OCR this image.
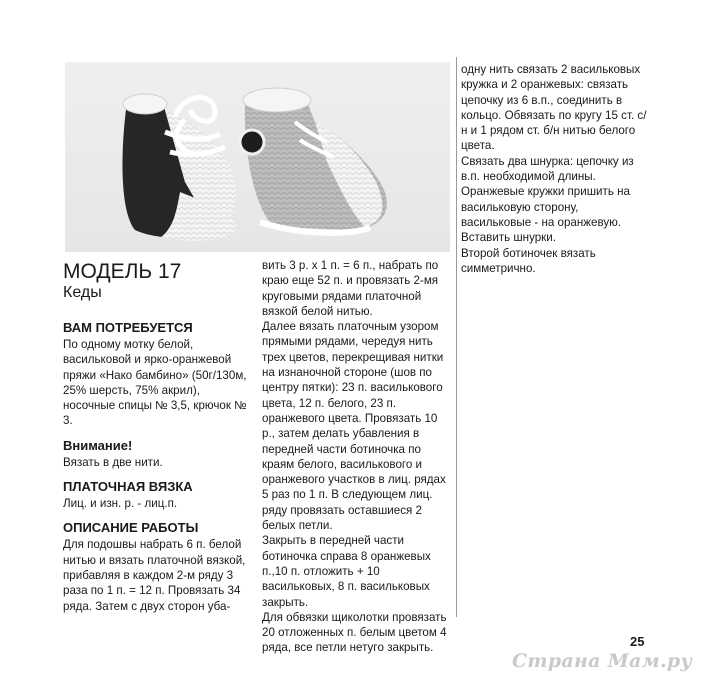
МОДЕЛЬ 17
Кеды
ВАМ ПОТРЕБУЕТСЯ

По одному мотку белой, васильковой и ярко-оранжевой пряжи «Нако бамбино» (50г/130м, 25% шерсть, 75% акрил), носочные спицы № 3,5, крючок № 3.

Внимание!

Вязать в две нити.

ПЛАТОЧНАЯ ВЯЗКА

Лиц. и изн. р. - лиц.п.

ОПИСАНИЕ РАБОТЫ

Для подошвы набрать 6 п. белой нитью и вязать платочной вязкой, прибавляя в каждом 2-м ряду 3 раза по 1 п. = 12 п. Провязать 34 ряда. Затем с двух сторон уба-

вить 3 р. x 1 п. = 6 п., набрать по краю еще 52 п. и провязать 2-мя круговыми рядами платочной вязкой белой нитью.

Далее вязать платочным узором прямыми рядами, чередуя нить трех цветов, перекрещивая нитки на изнаночной стороне (шов по центру пятки): 23 п. василькового цвета, 12 п. белого, 23 п. оранжевого цвета. Провязать 10 р., затем делать убавления в передней части ботиночка по краям белого, василькового и оранжевого участков в лиц. рядах 5 раз по 1 п. В следующем лиц. ряду провязать оставшиеся 2 белых петли.

Закрыть в передней части ботиночка справа 8 оранжевых п.,10 п. отложить + 10 васильковых, 8 п. васильковых закрыть.

Для обвязки щиколотки провязать 20 отложенных п. белым цветом 4 ряда, все петли нетугo закрыть.

одну нить связать 2 васильковых кружка и 2 оранжевых: связать цепочку из 6 в.п., соединить в кольцо. Обвязать по кругу 15 ст. с/н и 1 рядом ст. б/н нитью белого цвета.

Связать два шнурка: цепочку из в.п. необходимой длины.

Оранжевые кружки пришить на васильковую сторону, васильковые - на оранжевую. Вставить шнурки.

Второй ботиночек вязать симметрично.

25
Страна Мам.ру
